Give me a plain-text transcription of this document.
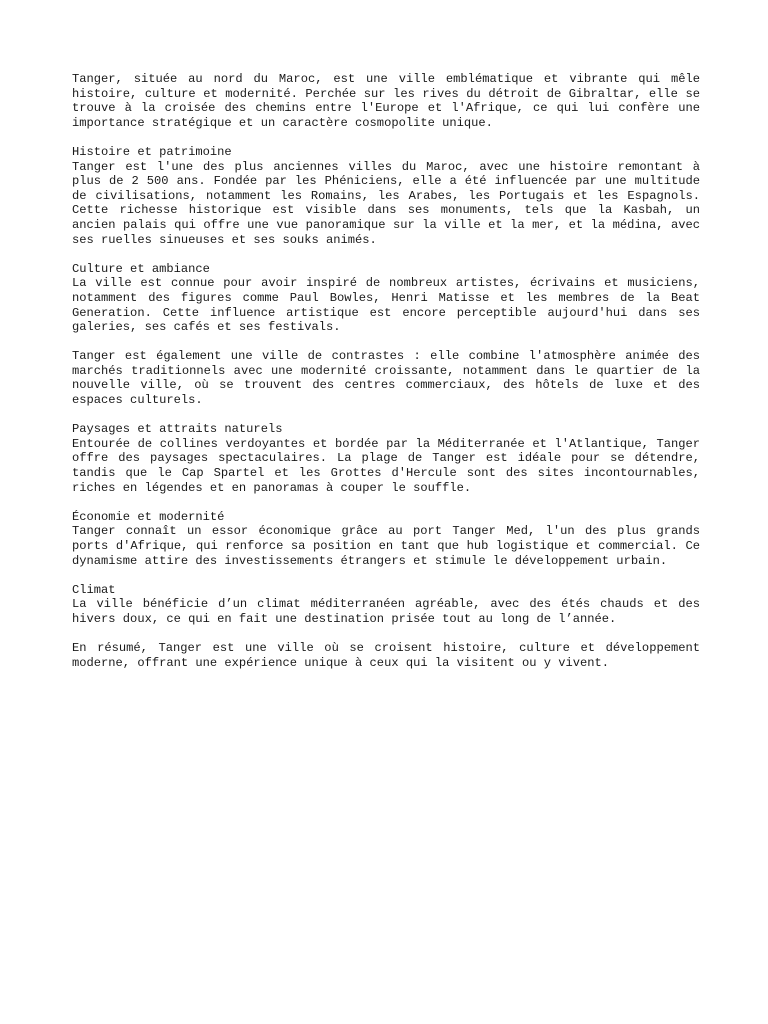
Tanger, située au nord du Maroc, est une ville emblématique et vibrante qui mêle histoire, culture et modernité. Perchée sur les rives du détroit de Gibraltar, elle se trouve à la croisée des chemins entre l'Europe et l'Afrique, ce qui lui confère une importance stratégique et un caractère cosmopolite unique.

Histoire et patrimoine
Tanger est l'une des plus anciennes villes du Maroc, avec une histoire remontant à plus de 2 500 ans. Fondée par les Phéniciens, elle a été influencée par une multitude de civilisations, notamment les Romains, les Arabes, les Portugais et les Espagnols. Cette richesse historique est visible dans ses monuments, tels que la Kasbah, un ancien palais qui offre une vue panoramique sur la ville et la mer, et la médina, avec ses ruelles sinueuses et ses souks animés.
Culture et ambiance
La ville est connue pour avoir inspiré de nombreux artistes, écrivains et musiciens, notamment des figures comme Paul Bowles, Henri Matisse et les membres de la Beat Generation. Cette influence artistique est encore perceptible aujourd'hui dans ses galeries, ses cafés et ses festivals.
Tanger est également une ville de contrastes : elle combine l'atmosphère animée des marchés traditionnels avec une modernité croissante, notamment dans le quartier de la nouvelle ville, où se trouvent des centres commerciaux, des hôtels de luxe et des espaces culturels.
Paysages et attraits naturels
Entourée de collines verdoyantes et bordée par la Méditerranée et l'Atlantique, Tanger offre des paysages spectaculaires. La plage de Tanger est idéale pour se détendre, tandis que le Cap Spartel et les Grottes d'Hercule sont des sites incontournables, riches en légendes et en panoramas à couper le souffle.
Économie et modernité
Tanger connaît un essor économique grâce au port Tanger Med, l'un des plus grands ports d'Afrique, qui renforce sa position en tant que hub logistique et commercial. Ce dynamisme attire des investissements étrangers et stimule le développement urbain.
Climat
La ville bénéficie d’un climat méditerranéen agréable, avec des étés chauds et des hivers doux, ce qui en fait une destination prisée tout au long de l’année.

En résumé, Tanger est une ville où se croisent histoire, culture et développement moderne, offrant une expérience unique à ceux qui la visitent ou y vivent.
